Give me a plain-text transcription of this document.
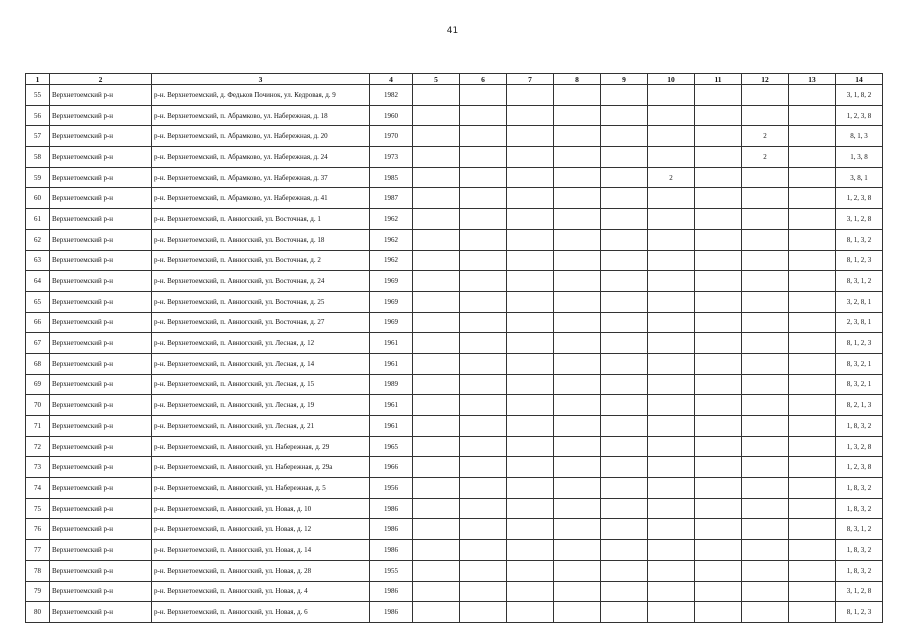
41
1	2	3	4	5	6	7	8	9	10	11	12	13	14
55	Верхнетоемский р-н	р-н. Верхнетоемский, д. Федьков Починок, ул. Кедровая, д. 9	1982										3, 1, 8, 2
56	Верхнетоемский р-н	р-н. Верхнетоемский, п. Абрамково, ул. Набережная, д. 18	1960										1, 2, 3, 8
57	Верхнетоемский р-н	р-н. Верхнетоемский, п. Абрамково, ул. Набережная, д. 20	1970								2		8, 1, 3
58	Верхнетоемский р-н	р-н. Верхнетоемский, п. Абрамково, ул. Набережная, д. 24	1973								2		1, 3, 8
59	Верхнетоемский р-н	р-н. Верхнетоемский, п. Абрамково, ул. Набережная, д. 37	1985						2				3, 8, 1
60	Верхнетоемский р-н	р-н. Верхнетоемский, п. Абрамково, ул. Набережная, д. 41	1987										1, 2, 3, 8
61	Верхнетоемский р-н	р-н. Верхнетоемский, п. Авнюгский, ул. Восточная, д. 1	1962										3, 1, 2, 8
62	Верхнетоемский р-н	р-н. Верхнетоемский, п. Авнюгский, ул. Восточная, д. 18	1962										8, 1, 3, 2
63	Верхнетоемский р-н	р-н. Верхнетоемский, п. Авнюгский, ул. Восточная, д. 2	1962										8, 1, 2, 3
64	Верхнетоемский р-н	р-н. Верхнетоемский, п. Авнюгский, ул. Восточная, д. 24	1969										8, 3, 1, 2
65	Верхнетоемский р-н	р-н. Верхнетоемский, п. Авнюгский, ул. Восточная, д. 25	1969										3, 2, 8, 1
66	Верхнетоемский р-н	р-н. Верхнетоемский, п. Авнюгский, ул. Восточная, д. 27	1969										2, 3, 8, 1
67	Верхнетоемский р-н	р-н. Верхнетоемский, п. Авнюгский, ул. Лесная, д. 12	1961										8, 1, 2, 3
68	Верхнетоемский р-н	р-н. Верхнетоемский, п. Авнюгский, ул. Лесная, д. 14	1961										8, 3, 2, 1
69	Верхнетоемский р-н	р-н. Верхнетоемский, п. Авнюгский, ул. Лесная, д. 15	1989										8, 3, 2, 1
70	Верхнетоемский р-н	р-н. Верхнетоемский, п. Авнюгский, ул. Лесная, д. 19	1961										8, 2, 1, 3
71	Верхнетоемский р-н	р-н. Верхнетоемский, п. Авнюгский, ул. Лесная, д. 21	1961										1, 8, 3, 2
72	Верхнетоемский р-н	р-н. Верхнетоемский, п. Авнюгский, ул. Набережная, д. 29	1965										1, 3, 2, 8
73	Верхнетоемский р-н	р-н. Верхнетоемский, п. Авнюгский, ул. Набережная, д. 29а	1966										1, 2, 3, 8
74	Верхнетоемский р-н	р-н. Верхнетоемский, п. Авнюгский, ул. Набережная, д. 5	1956										1, 8, 3, 2
75	Верхнетоемский р-н	р-н. Верхнетоемский, п. Авнюгский, ул. Новая, д. 10	1986										1, 8, 3, 2
76	Верхнетоемский р-н	р-н. Верхнетоемский, п. Авнюгский, ул. Новая, д. 12	1986										8, 3, 1, 2
77	Верхнетоемский р-н	р-н. Верхнетоемский, п. Авнюгский, ул. Новая, д. 14	1986										1, 8, 3, 2
78	Верхнетоемский р-н	р-н. Верхнетоемский, п. Авнюгский, ул. Новая, д. 28	1955										1, 8, 3, 2
79	Верхнетоемский р-н	р-н. Верхнетоемский, п. Авнюгский, ул. Новая, д. 4	1986										3, 1, 2, 8
80	Верхнетоемский р-н	р-н. Верхнетоемский, п. Авнюгский, ул. Новая, д. 6	1986										8, 1, 2, 3
